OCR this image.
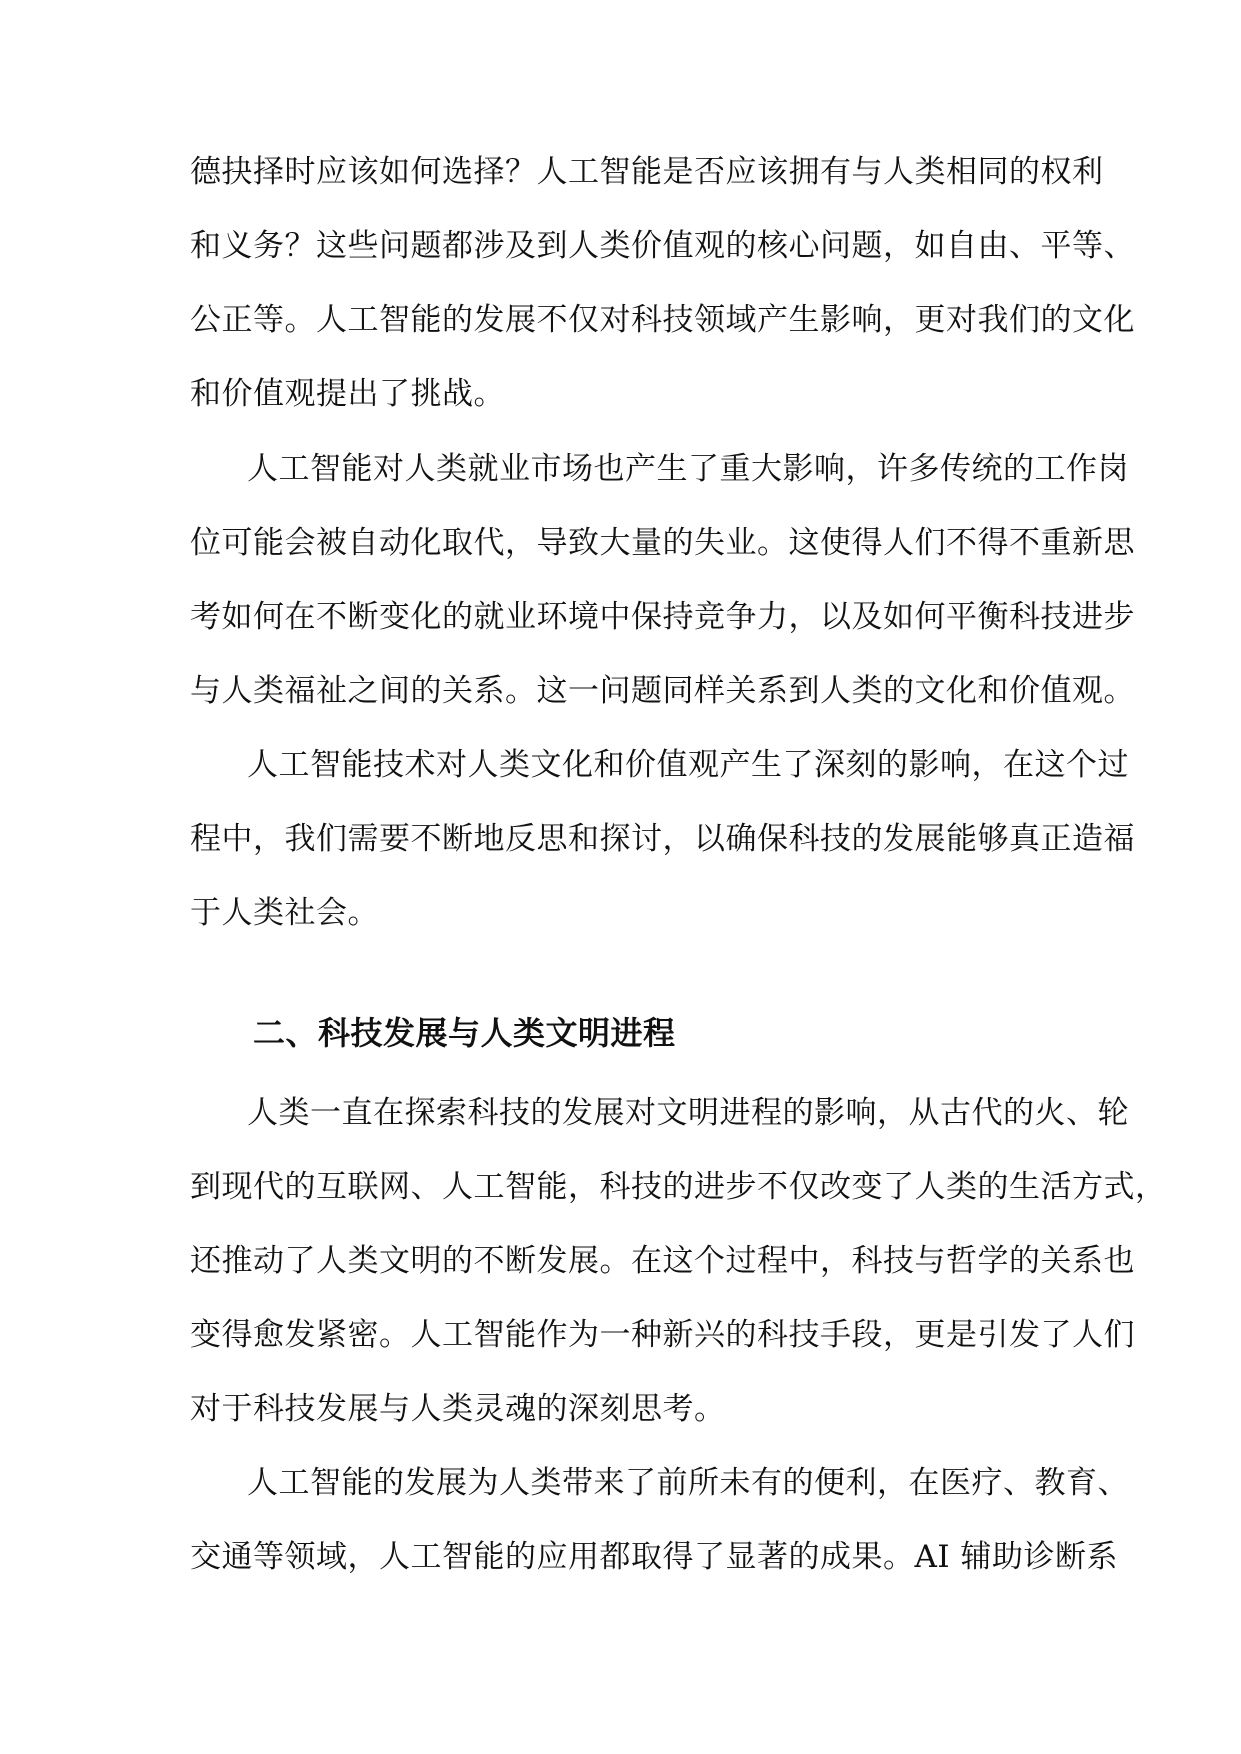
德抉择时应该如何选择？人工智能是否应该拥有与人类相同的权利
和义务？这些问题都涉及到人类价值观的核心问题，如自由、平等、
公正等。人工智能的发展不仅对科技领域产生影响，更对我们的文化
和价值观提出了挑战。
人工智能对人类就业市场也产生了重大影响，许多传统的工作岗
位可能会被自动化取代，导致大量的失业。这使得人们不得不重新思
考如何在不断变化的就业环境中保持竞争力，以及如何平衡科技进步
与人类福祉之间的关系。这一问题同样关系到人类的文化和价值观。
人工智能技术对人类文化和价值观产生了深刻的影响，在这个过
程中，我们需要不断地反思和探讨，以确保科技的发展能够真正造福
于人类社会。
二、科技发展与人类文明进程
人类一直在探索科技的发展对文明进程的影响，从古代的火、轮
到现代的互联网、人工智能，科技的进步不仅改变了人类的生活方式，
还推动了人类文明的不断发展。在这个过程中，科技与哲学的关系也
变得愈发紧密。人工智能作为一种新兴的科技手段，更是引发了人们
对于科技发展与人类灵魂的深刻思考。
人工智能的发展为人类带来了前所未有的便利，在医疗、教育、
交通等领域，人工智能的应用都取得了显著的成果。AI 辅助诊断系
